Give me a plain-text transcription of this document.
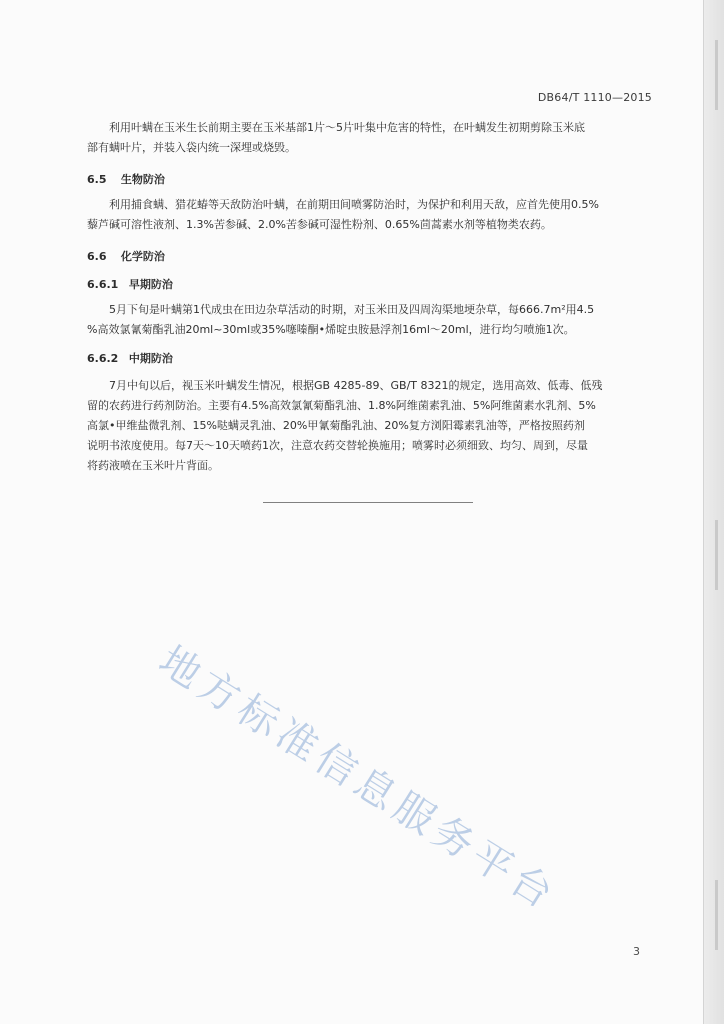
DB64/T 1110—2015
利用叶螨在玉米生长前期主要在玉米基部1片～5片叶集中危害的特性，在叶螨发生初期剪除玉米底
部有螨叶片，并装入袋内统一深埋或烧毁。
6.5 生物防治
利用捕食螨、猎花蝽等天敌防治叶螨，在前期田间喷雾防治时，为保护和利用天敌，应首先使用0.5%
藜芦碱可溶性液剂、1.3%苦参碱、2.0%苦参碱可湿性粉剂、0.65%茴蒿素水剂等植物类农药。
6.6 化学防治
6.6.1 早期防治
5月下旬是叶螨第1代成虫在田边杂草活动的时期，对玉米田及四周沟渠地埂杂草，每666.7m²用4.5
%高效氯氰菊酯乳油20ml~30ml或35%噻嗪酮•烯啶虫胺悬浮剂16ml～20ml，进行均匀喷施1次。
6.6.2 中期防治
7月中旬以后，视玉米叶螨发生情况，根据GB 4285-89、GB/T 8321的规定，选用高效、低毒、低残
留的农药进行药剂防治。主要有4.5%高效氯氰菊酯乳油、1.8%阿维菌素乳油、5%阿维菌素水乳剂、5%
高氯•甲维盐微乳剂、15%哒螨灵乳油、20%甲氰菊酯乳油、20%复方浏阳霉素乳油等，严格按照药剂
说明书浓度使用。每7天～10天喷药1次，注意农药交替轮换施用；喷雾时必须细致、均匀、周到，尽量
将药液喷在玉米叶片背面。
地方标准信息服务平台
3
